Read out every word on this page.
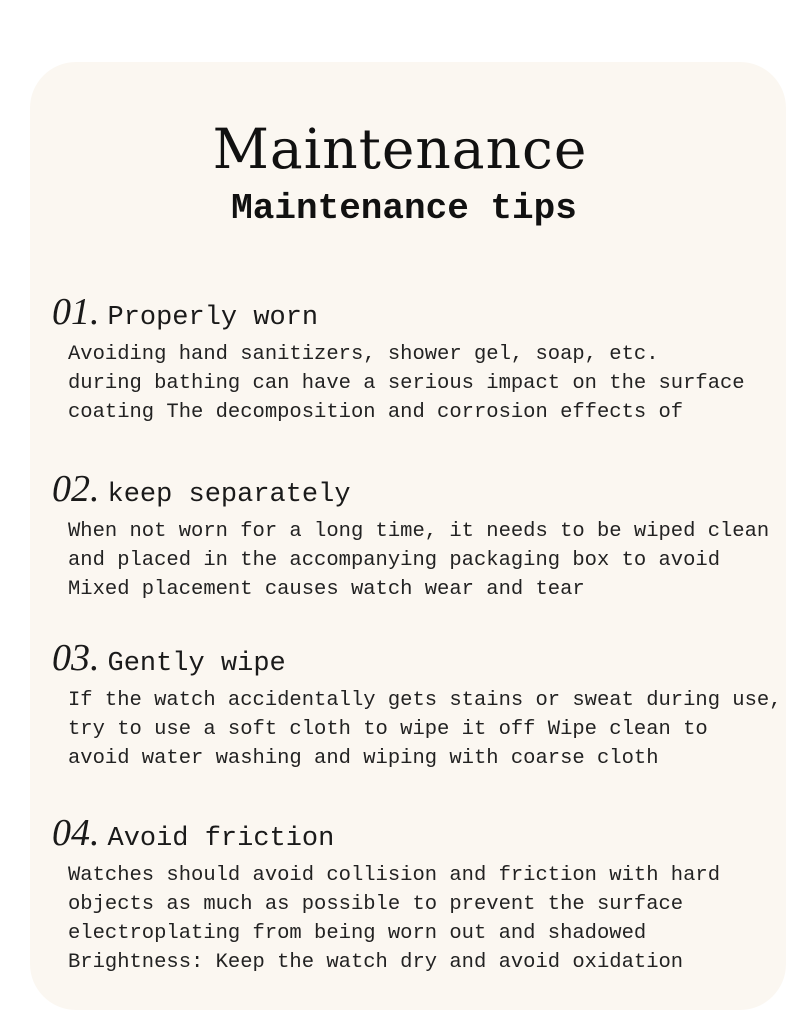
Maintenance
Maintenance tips
01. Properly worn
Avoiding hand sanitizers, shower gel, soap, etc.
during bathing can have a serious impact on the surface
coating The decomposition and corrosion effects of
02. keep separately
When not worn for a long time, it needs to be wiped clean
and placed in the accompanying packaging box to avoid
Mixed placement causes watch wear and tear
03. Gently wipe
If the watch accidentally gets stains or sweat during use,
try to use a soft cloth to wipe it off Wipe clean to
avoid water washing and wiping with coarse cloth
04. Avoid friction
Watches should avoid collision and friction with hard
objects as much as possible to prevent the surface
electroplating from being worn out and shadowed
Brightness: Keep the watch dry and avoid oxidation
